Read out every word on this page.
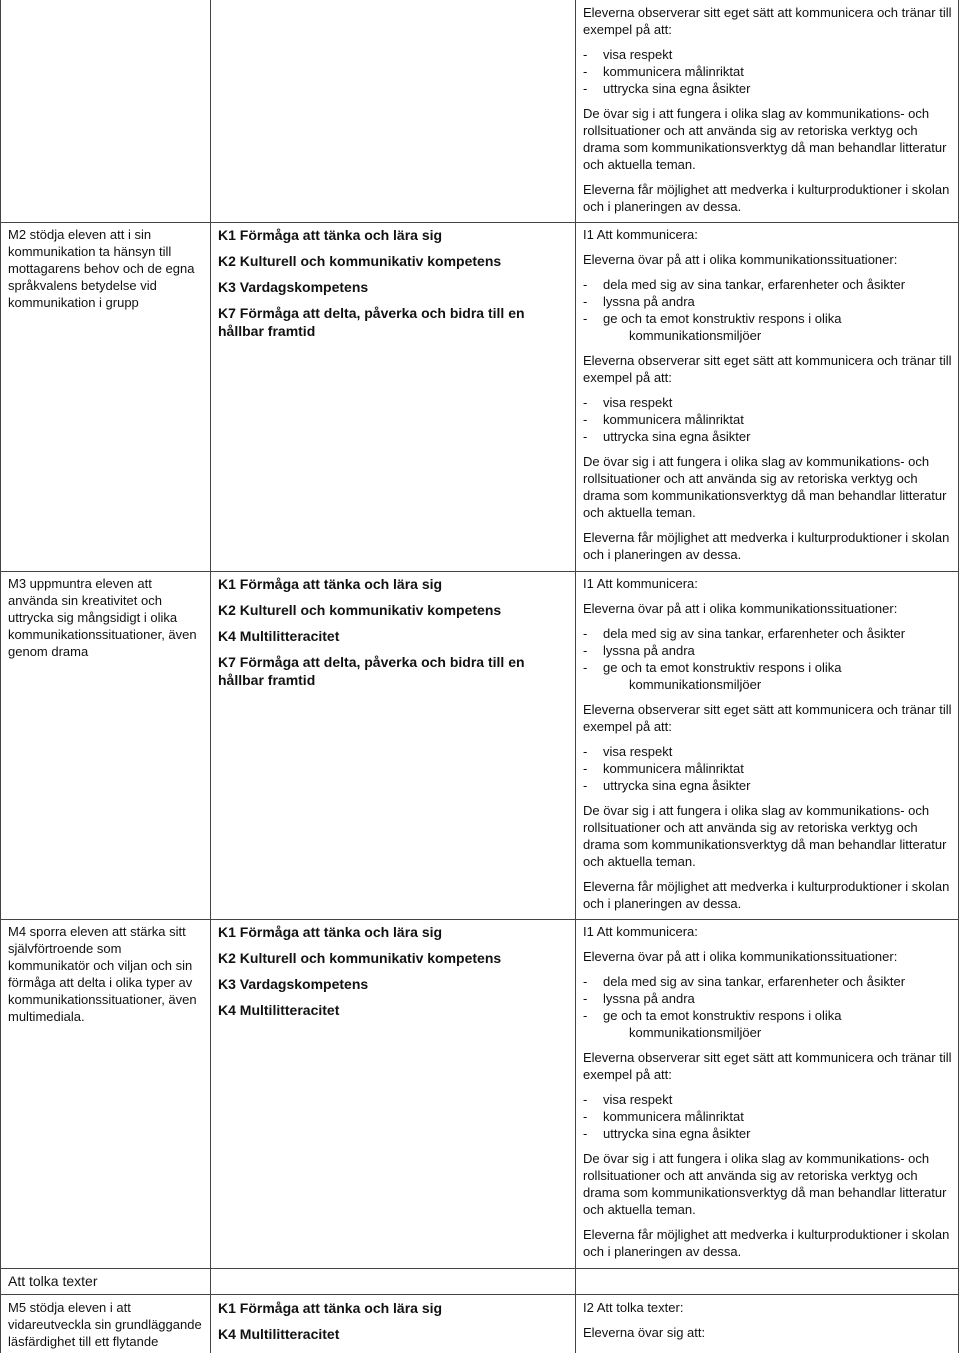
Eleverna observerar sitt eget sätt att kommunicera och tränar till exempel på att:

- visa respekt

- kommunicera målinriktat

- uttrycka sina egna åsikter

De övar sig i att fungera i olika slag av kommunikations- och rollsituationer och att använda sig av retoriska verktyg och drama som kommunikationsverktyg då man behandlar litteratur och aktuella teman.

Eleverna får möjlighet att medverka i kulturproduktioner i skolan och i planeringen av dessa.

M2 stödja eleven att i sin kommunikation ta hänsyn till mottagarens behov och de egna språkvalens betydelse vid kommunikation i grupp

K1 Förmåga att tänka och lära sig

K2 Kulturell och kommunikativ kompetens

K3 Vardagskompetens

K7 Förmåga att delta, påverka och bidra till en hållbar framtid

I1 Att kommunicera:

Eleverna övar på att i olika kommunikationssituationer:

- dela med sig av sina tankar, erfarenheter och åsikter

- lyssna på andra

- ge och ta emot konstruktiv respons i olika

kommunikationsmiljöer

Eleverna observerar sitt eget sätt att kommunicera och tränar till exempel på att:

- visa respekt

- kommunicera målinriktat

- uttrycka sina egna åsikter

De övar sig i att fungera i olika slag av kommunikations- och rollsituationer och att använda sig av retoriska verktyg och drama som kommunikationsverktyg då man behandlar litteratur och aktuella teman.

Eleverna får möjlighet att medverka i kulturproduktioner i skolan och i planeringen av dessa.

M3 uppmuntra eleven att använda sin kreativitet och uttrycka sig mångsidigt i olika kommunikationssituationer, även genom drama

K1 Förmåga att tänka och lära sig

K2 Kulturell och kommunikativ kompetens

K4 Multilitteracitet

K7 Förmåga att delta, påverka och bidra till en hållbar framtid

I1 Att kommunicera:

Eleverna övar på att i olika kommunikationssituationer:

- dela med sig av sina tankar, erfarenheter och åsikter

- lyssna på andra

- ge och ta emot konstruktiv respons i olika

kommunikationsmiljöer

Eleverna observerar sitt eget sätt att kommunicera och tränar till exempel på att:

- visa respekt

- kommunicera målinriktat

- uttrycka sina egna åsikter

De övar sig i att fungera i olika slag av kommunikations- och rollsituationer och att använda sig av retoriska verktyg och drama som kommunikationsverktyg då man behandlar litteratur och aktuella teman.

Eleverna får möjlighet att medverka i kulturproduktioner i skolan och i planeringen av dessa.

M4 sporra eleven att stärka sitt självförtroende som kommunikatör och viljan och sin förmåga att delta i olika typer av kommunikationssituationer, även multimediala.

K1 Förmåga att tänka och lära sig

K2 Kulturell och kommunikativ kompetens

K3 Vardagskompetens

K4 Multilitteracitet

I1 Att kommunicera:

Eleverna övar på att i olika kommunikationssituationer:

- dela med sig av sina tankar, erfarenheter och åsikter

- lyssna på andra

- ge och ta emot konstruktiv respons i olika

kommunikationsmiljöer

Eleverna observerar sitt eget sätt att kommunicera och tränar till exempel på att:

- visa respekt

- kommunicera målinriktat

- uttrycka sina egna åsikter

De övar sig i att fungera i olika slag av kommunikations- och rollsituationer och att använda sig av retoriska verktyg och drama som kommunikationsverktyg då man behandlar litteratur och aktuella teman.

Eleverna får möjlighet att medverka i kulturproduktioner i skolan och i planeringen av dessa.

Att tolka texter
M5 stödja eleven i att vidareutveckla sin grundläggande läsfärdighet till ett flytande

K1 Förmåga att tänka och lära sig

K4 Multilitteracitet

I2 Att tolka texter:

Eleverna övar sig att:
